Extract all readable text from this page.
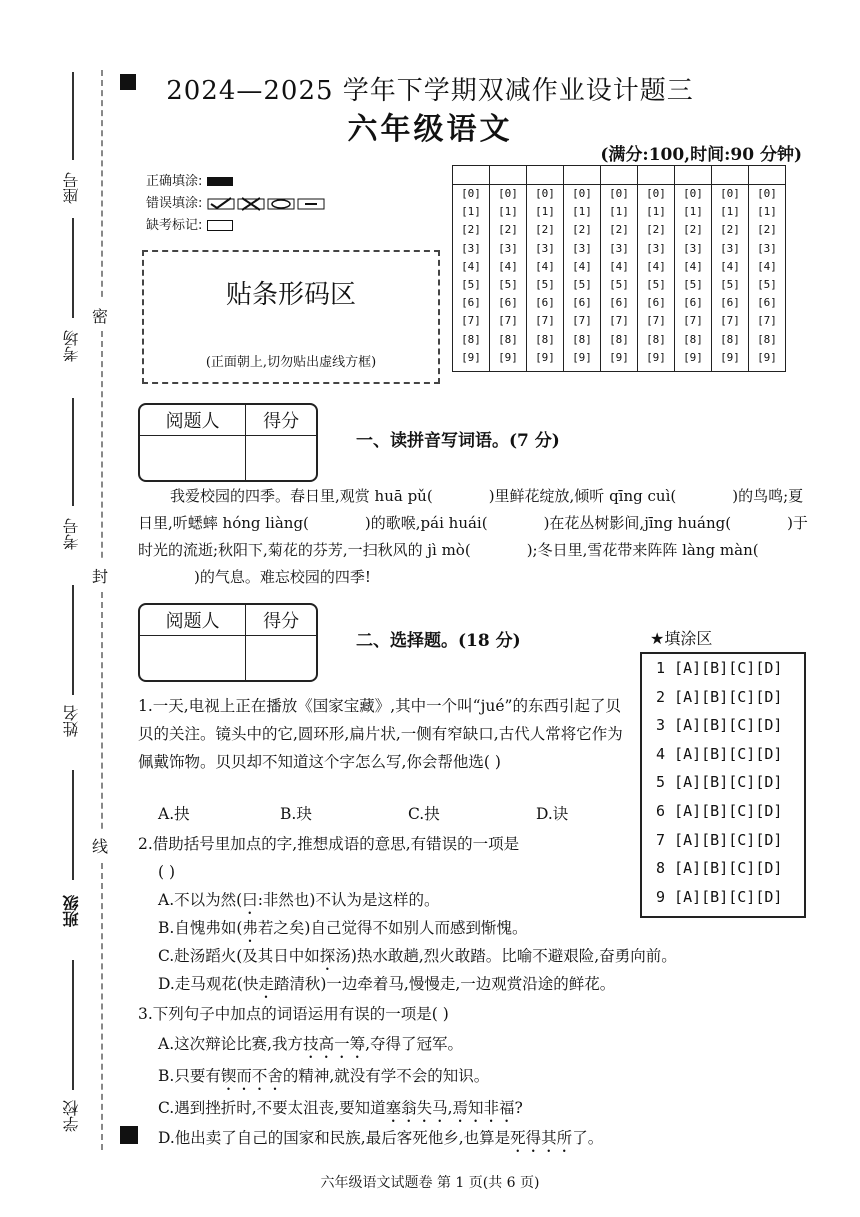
密
封
线
座号
考场
考号
姓名
班级
学校
2024—2025 学年下学期双减作业设计题三
六年级语文
(满分:100,时间:90 分钟)
正确填涂:
错误填涂:
缺考标记:
贴条形码区
(正面朝上,切勿贴出虚线方框)

[0]	[0]	[0]	[0]	[0]	[0]	[0]	[0]	[0]
[1]	[1]	[1]	[1]	[1]	[1]	[1]	[1]	[1]
[2]	[2]	[2]	[2]	[2]	[2]	[2]	[2]	[2]
[3]	[3]	[3]	[3]	[3]	[3]	[3]	[3]	[3]
[4]	[4]	[4]	[4]	[4]	[4]	[4]	[4]	[4]
[5]	[5]	[5]	[5]	[5]	[5]	[5]	[5]	[5]
[6]	[6]	[6]	[6]	[6]	[6]	[6]	[6]	[6]
[7]	[7]	[7]	[7]	[7]	[7]	[7]	[7]	[7]
[8]	[8]	[8]	[8]	[8]	[8]	[8]	[8]	[8]
[9]	[9]	[9]	[9]	[9]	[9]	[9]	[9]	[9]

阅题人	得分

一、读拼音写词语。(7 分)
我爱校园的四季。春日里,观赏 huā pǔ(	)里鲜花绽放,倾听 qīng cuì(	)的鸟鸣;夏日里,听蟋蟀 hóng liàng(	)的歌喉,pái huái(	)在花丛树影间,jīng huáng(	)于时光的流逝;秋阳下,菊花的芬芳,一扫秋风的 jì mò(	);冬日里,雪花带来阵阵 làng màn()的气息。难忘校园的四季!
阅题人	得分

二、选择题。(18 分)	★填涂区
1 [A][B][C][D]
2 [A][B][C][D]
3 [A][B][C][D]
4 [A][B][C][D]
5 [A][B][C][D]
6 [A][B][C][D]
7 [A][B][C][D]
8 [A][B][C][D]
9 [A][B][C][D]
1.一天,电视上正在播放《国家宝藏》,其中一个叫“jué”的东西引起了贝贝的关注。镜头中的它,圆环形,扁片状,一侧有窄缺口,古代人常将它作为佩戴饰物。贝贝却不知道这个字怎么写,你会帮他选( )
A.抉	B.玦	C.抉	D.诀
2.借助括号里加点的字,推想成语的意思,有错误的一项是
( )
A.不以为然(曰:非然也)不认为是这样的。
B.自愧弗如(弗若之矣)自己觉得不如别人而感到惭愧。
C.赴汤蹈火(及其日中如探汤)热水敢趟,烈火敢踏。比喻不避艰险,奋勇向前。
D.走马观花(快走踏清秋)一边牵着马,慢慢走,一边观赏沿途的鲜花。
3.下列句子中加点的词语运用有误的一项是( )
A.这次辩论比赛,我方技高一筹,夺得了冠军。
B.只要有锲而不舍的精神,就没有学不会的知识。
C.遇到挫折时,不要太沮丧,要知道塞翁失马,焉知非福?
D.他出卖了自己的国家和民族,最后客死他乡,也算是死得其所了。
六年级语文试题卷 第 1 页(共 6 页)
